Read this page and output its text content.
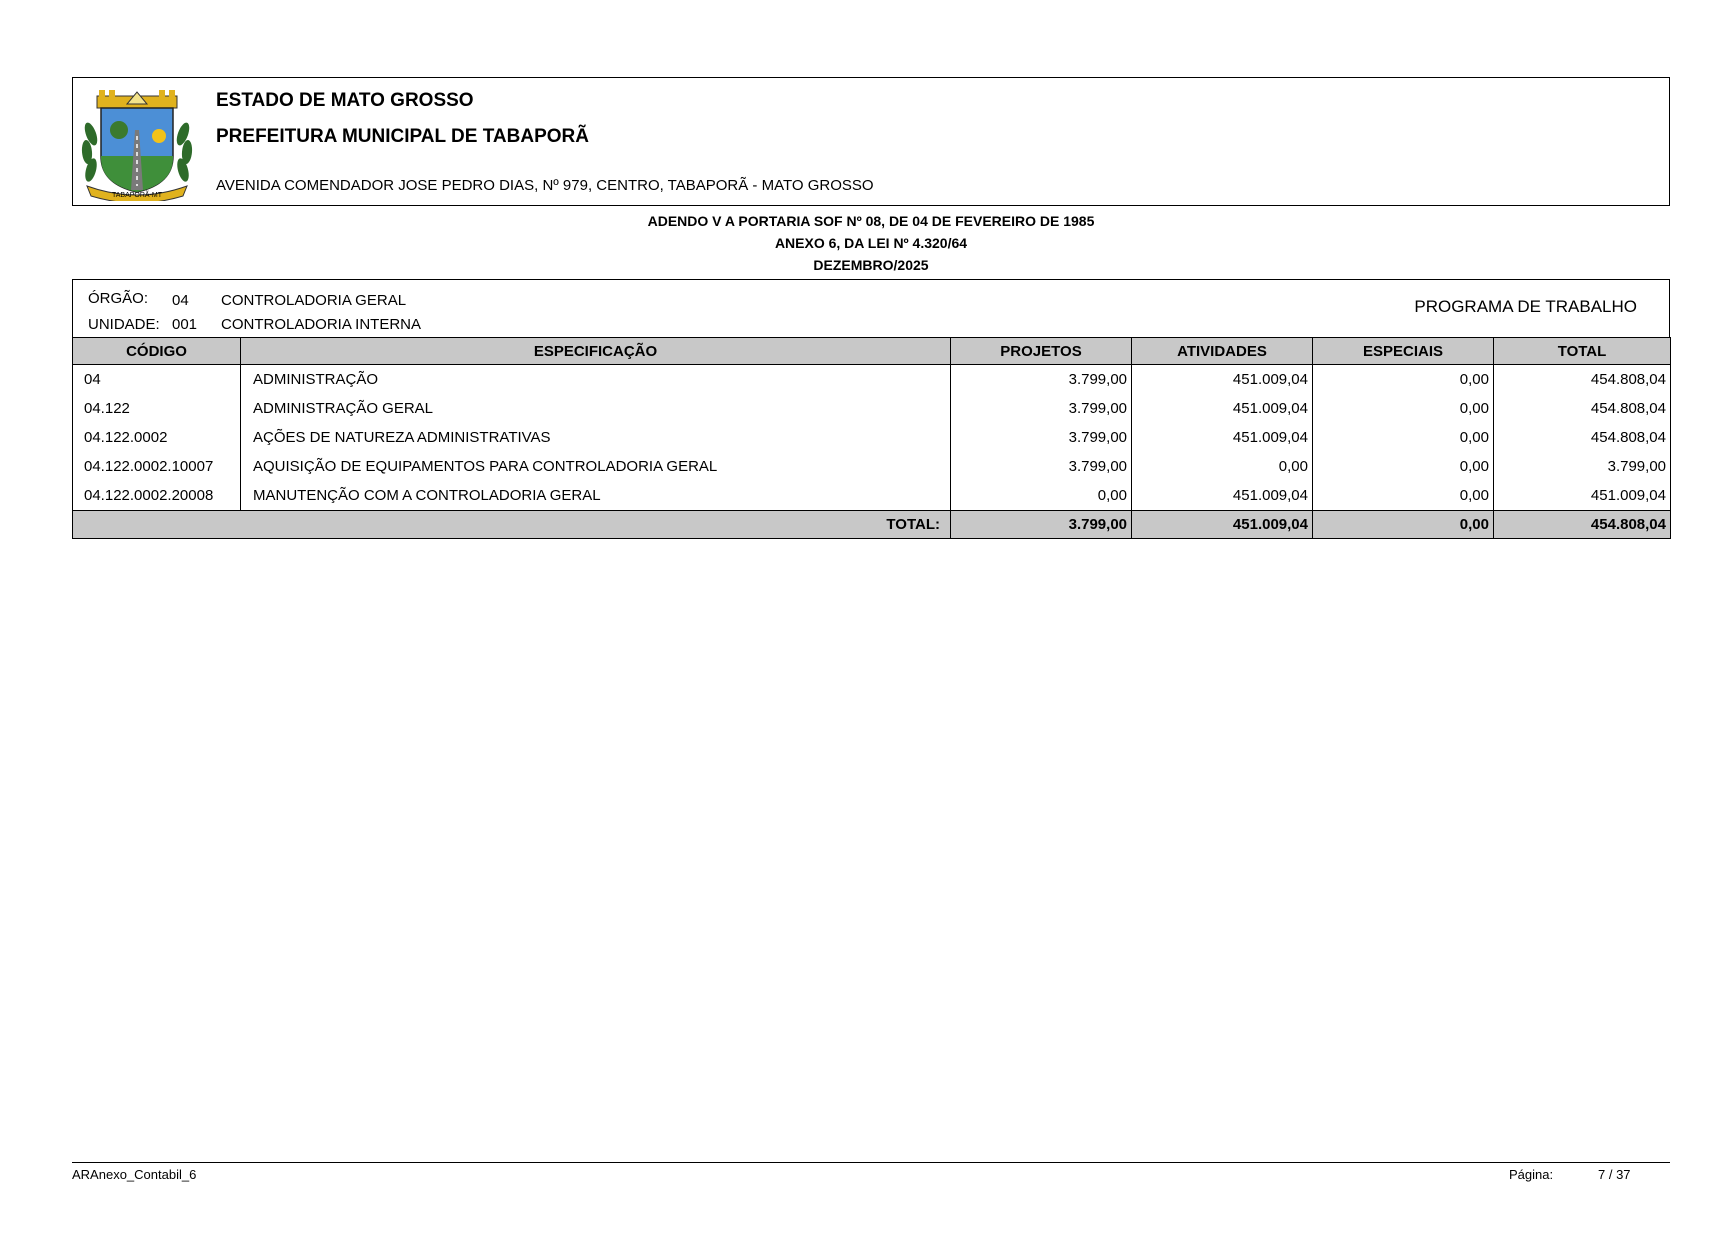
TABAPORÃ-MT
ESTADO DE MATO GROSSO
PREFEITURA MUNICIPAL DE TABAPORÃ
AVENIDA COMENDADOR JOSE PEDRO DIAS, Nº 979, CENTRO, TABAPORÃ - MATO GROSSO
ADENDO V A PORTARIA SOF Nº 08, DE 04 DE FEVEREIRO DE 1985
ANEXO 6, DA LEI Nº 4.320/64
DEZEMBRO/2025
ÓRGÃO: 04 CONTROLADORIA GERAL
UNIDADE: 001 CONTROLADORIA INTERNA
PROGRAMA DE TRABALHO
CÓDIGO	ESPECIFICAÇÃO	PROJETOS	ATIVIDADES	ESPECIAIS	TOTAL
04	ADMINISTRAÇÃO	3.799,00	451.009,04	0,00	454.808,04
04.122	ADMINISTRAÇÃO GERAL	3.799,00	451.009,04	0,00	454.808,04
04.122.0002	AÇÕES DE NATUREZA ADMINISTRATIVAS	3.799,00	451.009,04	0,00	454.808,04
04.122.0002.10007	AQUISIÇÃO DE EQUIPAMENTOS PARA CONTROLADORIA GERAL	3.799,00	0,00	0,00	3.799,00
04.122.0002.20008	MANUTENÇÃO COM A CONTROLADORIA GERAL	0,00	451.009,04	0,00	451.009,04
TOTAL:		3.799,00	451.009,04	0,00	454.808,04
ARAnexo_Contabil_6	Página:	7 / 37
